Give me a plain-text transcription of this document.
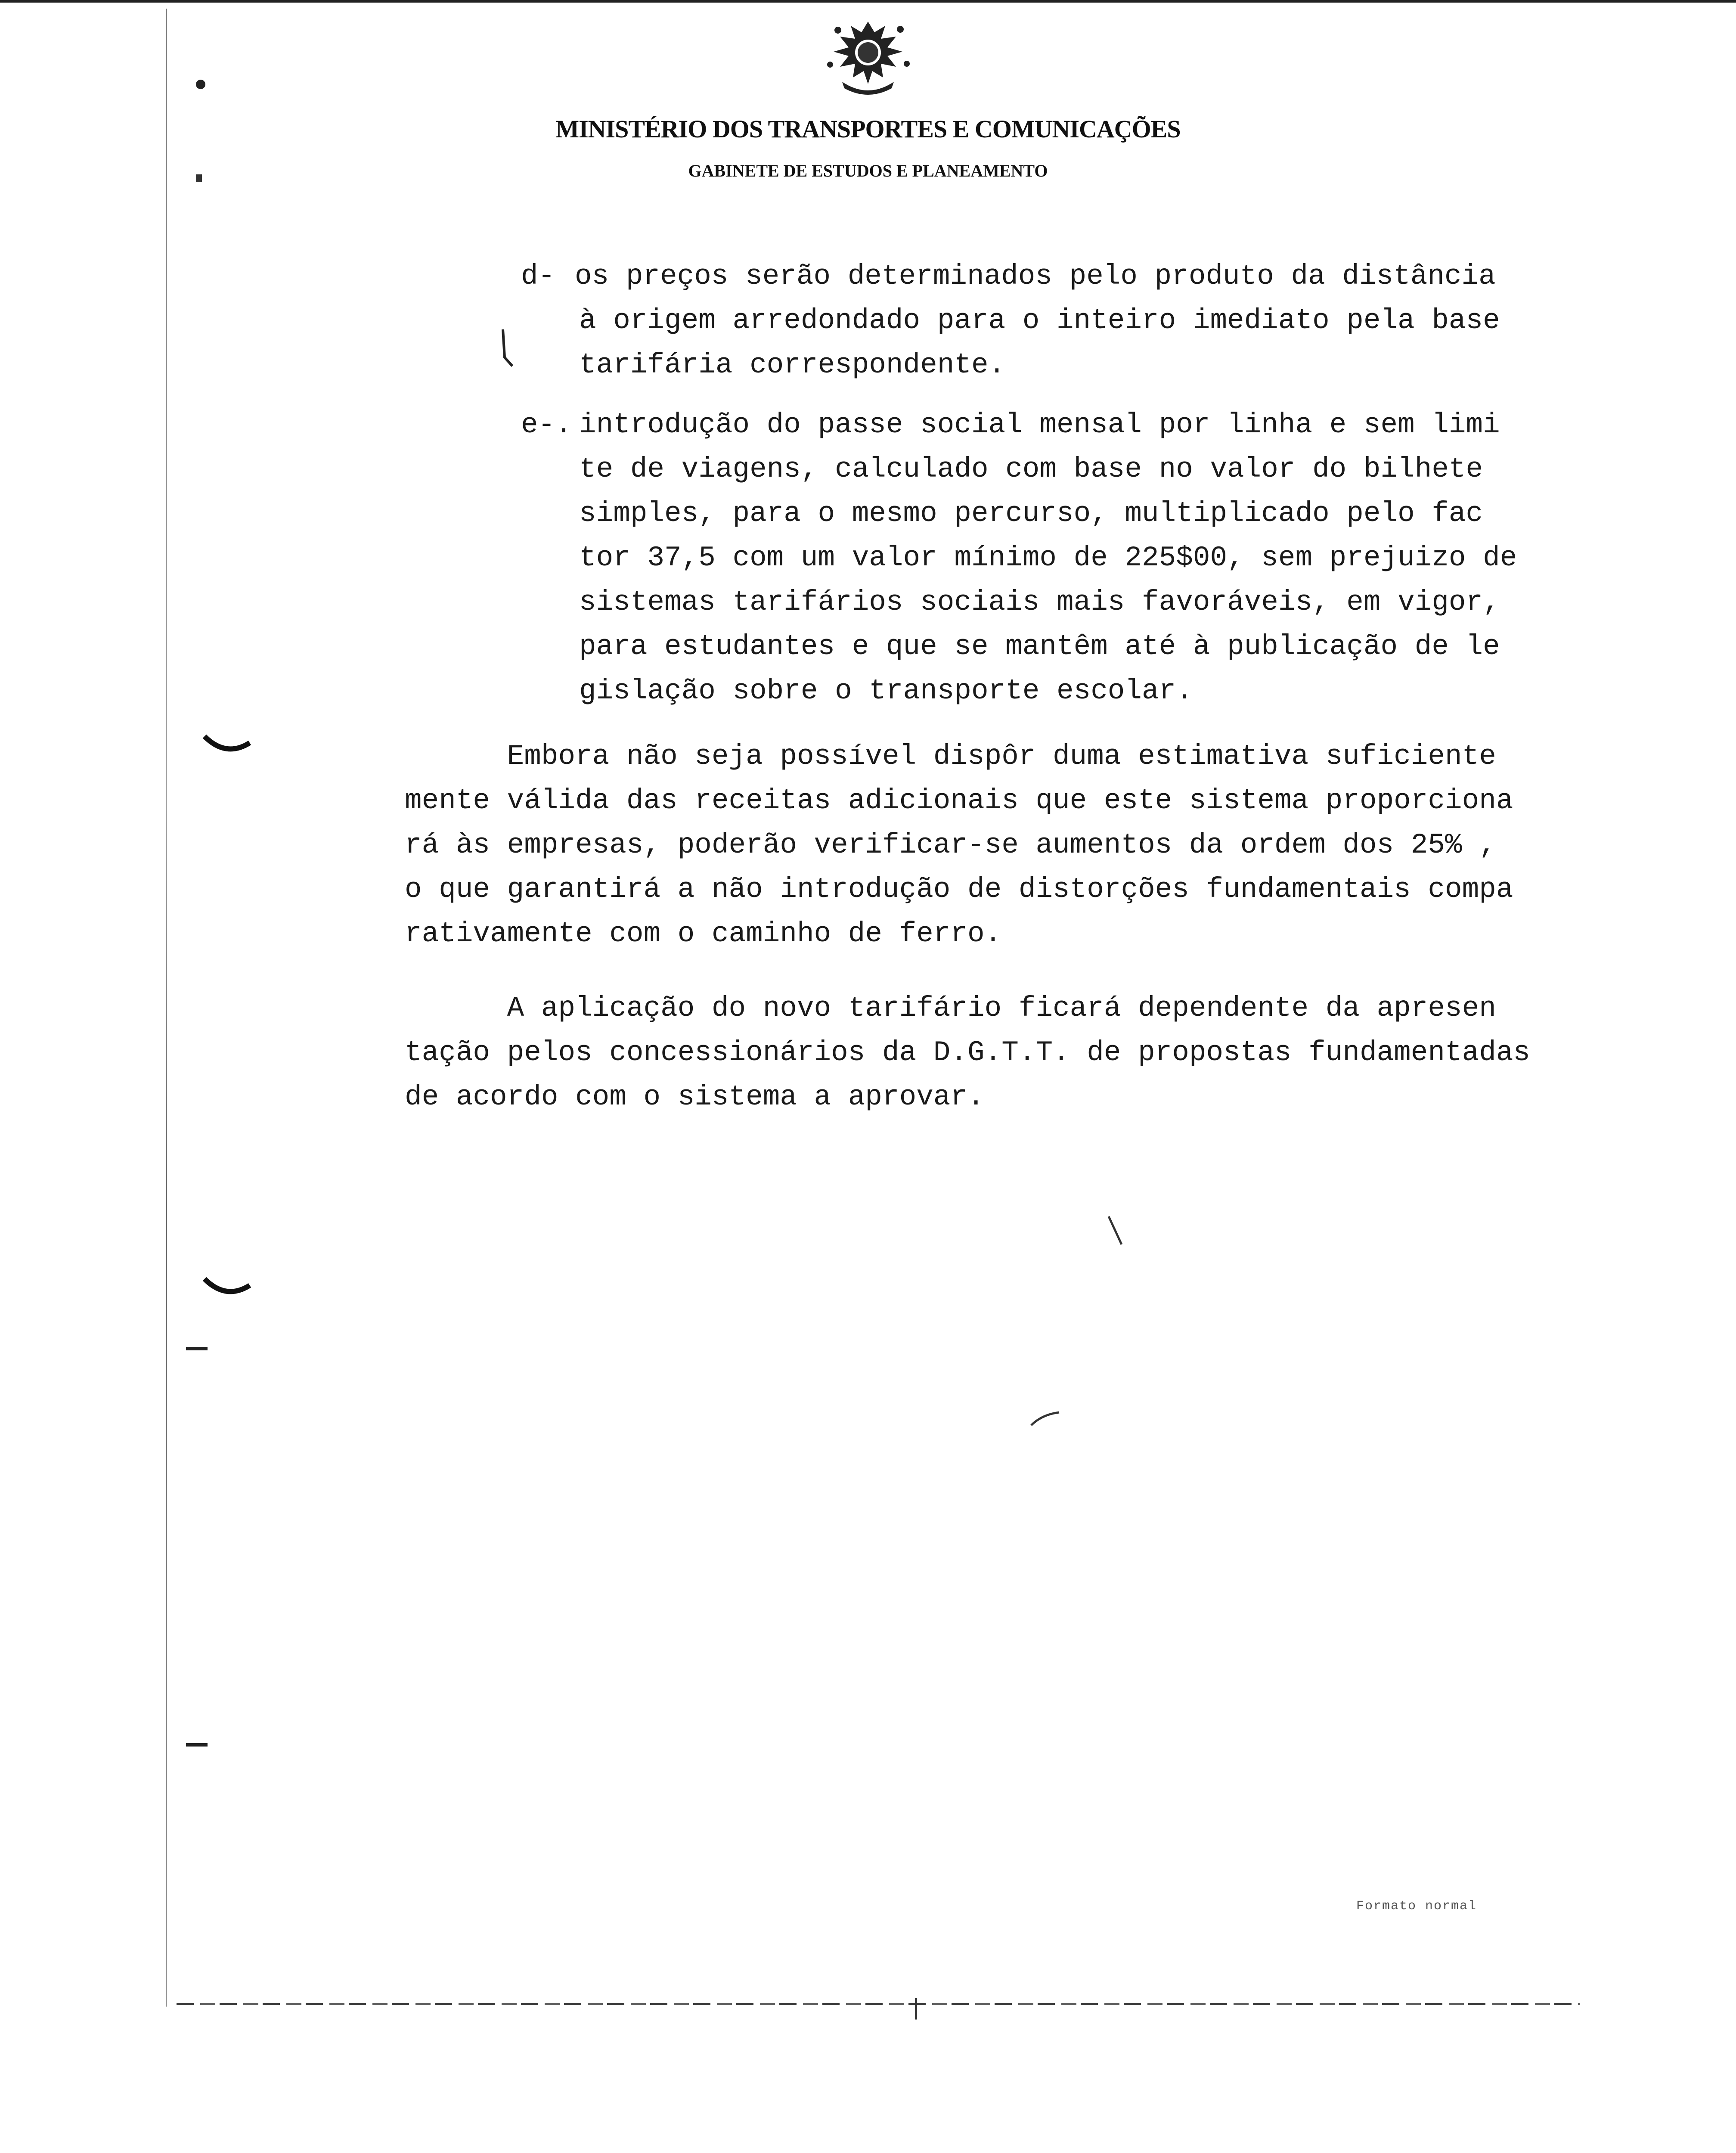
MINISTÉRIO DOS TRANSPORTES E COMUNICAÇÕES
GABINETE DE ESTUDOS E PLANEAMENTO
d- os preços serão determinados pelo produto da distância
à origem arredondado para o inteiro imediato pela base
tarifária correspondente.
e-. introdução do passe social mensal por linha e sem limi
te de viagens, calculado com base no valor do bilhete
simples, para o mesmo percurso, multiplicado pelo fac
tor 37,5 com um valor mínimo de 225$00, sem prejuizo de
sistemas tarifários sociais mais favoráveis, em vigor,
para estudantes e que se mantêm até à publicação de le
gislação sobre o transporte escolar.
Embora não seja possível dispôr duma estimativa suficiente
mente válida das receitas adicionais que este sistema proporciona
rá às empresas, poderão verificar-se aumentos da ordem dos 25% ,
o que garantirá a não introdução de distorções fundamentais compa
rativamente com o caminho de ferro.
A aplicação do novo tarifário ficará dependente da apresen
tação pelos concessionários da D.G.T.T. de propostas fundamentadas
de acordo com o sistema a aprovar.
Formato normal
